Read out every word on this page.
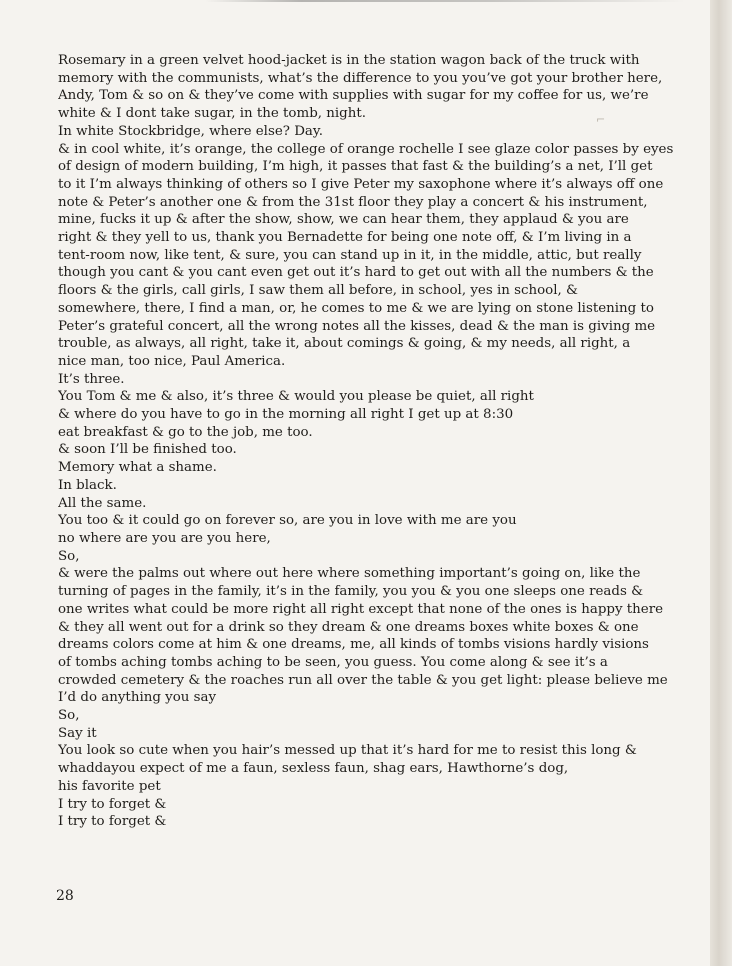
⌐
Rosemary in a green velvet hood-jacket is in the station wagon back of the truck with
memory with the communists, what’s the difference to you you’ve got your brother here,
Andy, Tom & so on & they’ve come with supplies with sugar for my coffee for us, we’re
white & I dont take sugar, in the tomb, night.
In white Stockbridge, where else? Day.
& in cool white, it’s orange, the college of orange rochelle I see glaze color passes by eyes
of design of modern building, I’m high, it passes that fast & the building’s a net, I’ll get
to it I’m always thinking of others so I give Peter my saxophone where it’s always off one
note & Peter’s another one & from the 31st floor they play a concert & his instrument,
mine, fucks it up & after the show, show, we can hear them, they applaud & you are
right & they yell to us, thank you Bernadette for being one note off, & I’m living in a
tent-room now, like tent, & sure, you can stand up in it, in the middle, attic, but really
though you cant & you cant even get out it’s hard to get out with all the numbers & the
floors & the girls, call girls, I saw them all before, in school, yes in school, &
somewhere, there, I find a man, or, he comes to me & we are lying on stone listening to
Peter’s grateful concert, all the wrong notes all the kisses, dead & the man is giving me
trouble, as always, all right, take it, about comings & going, & my needs, all right, a
nice man, too nice, Paul America.
It’s three.
You Tom & me & also, it’s three & would you please be quiet, all right
& where do you have to go in the morning all right I get up at 8:30
eat breakfast & go to the job, me too.
& soon I’ll be finished too.
Memory what a shame.
In black.
All the same.
You too & it could go on forever so, are you in love with me are you
no where are you are you here,
So,
& were the palms out where out here where something important’s going on, like the
turning of pages in the family, it’s in the family, you you & you one sleeps one reads &
one writes what could be more right all right except that none of the ones is happy there
& they all went out for a drink so they dream & one dreams boxes white boxes & one
dreams colors come at him & one dreams, me, all kinds of tombs visions hardly visions
of tombs aching tombs aching to be seen, you guess. You come along & see it’s a
crowded cemetery & the roaches run all over the table & you get light: please believe me
I’d do anything you say
So,
Say it
You look so cute when you hair’s messed up that it’s hard for me to resist this long &
whaddayou expect of me a faun, sexless faun, shag ears, Hawthorne’s dog,
his favorite pet
I try to forget &
I try to forget &
28
